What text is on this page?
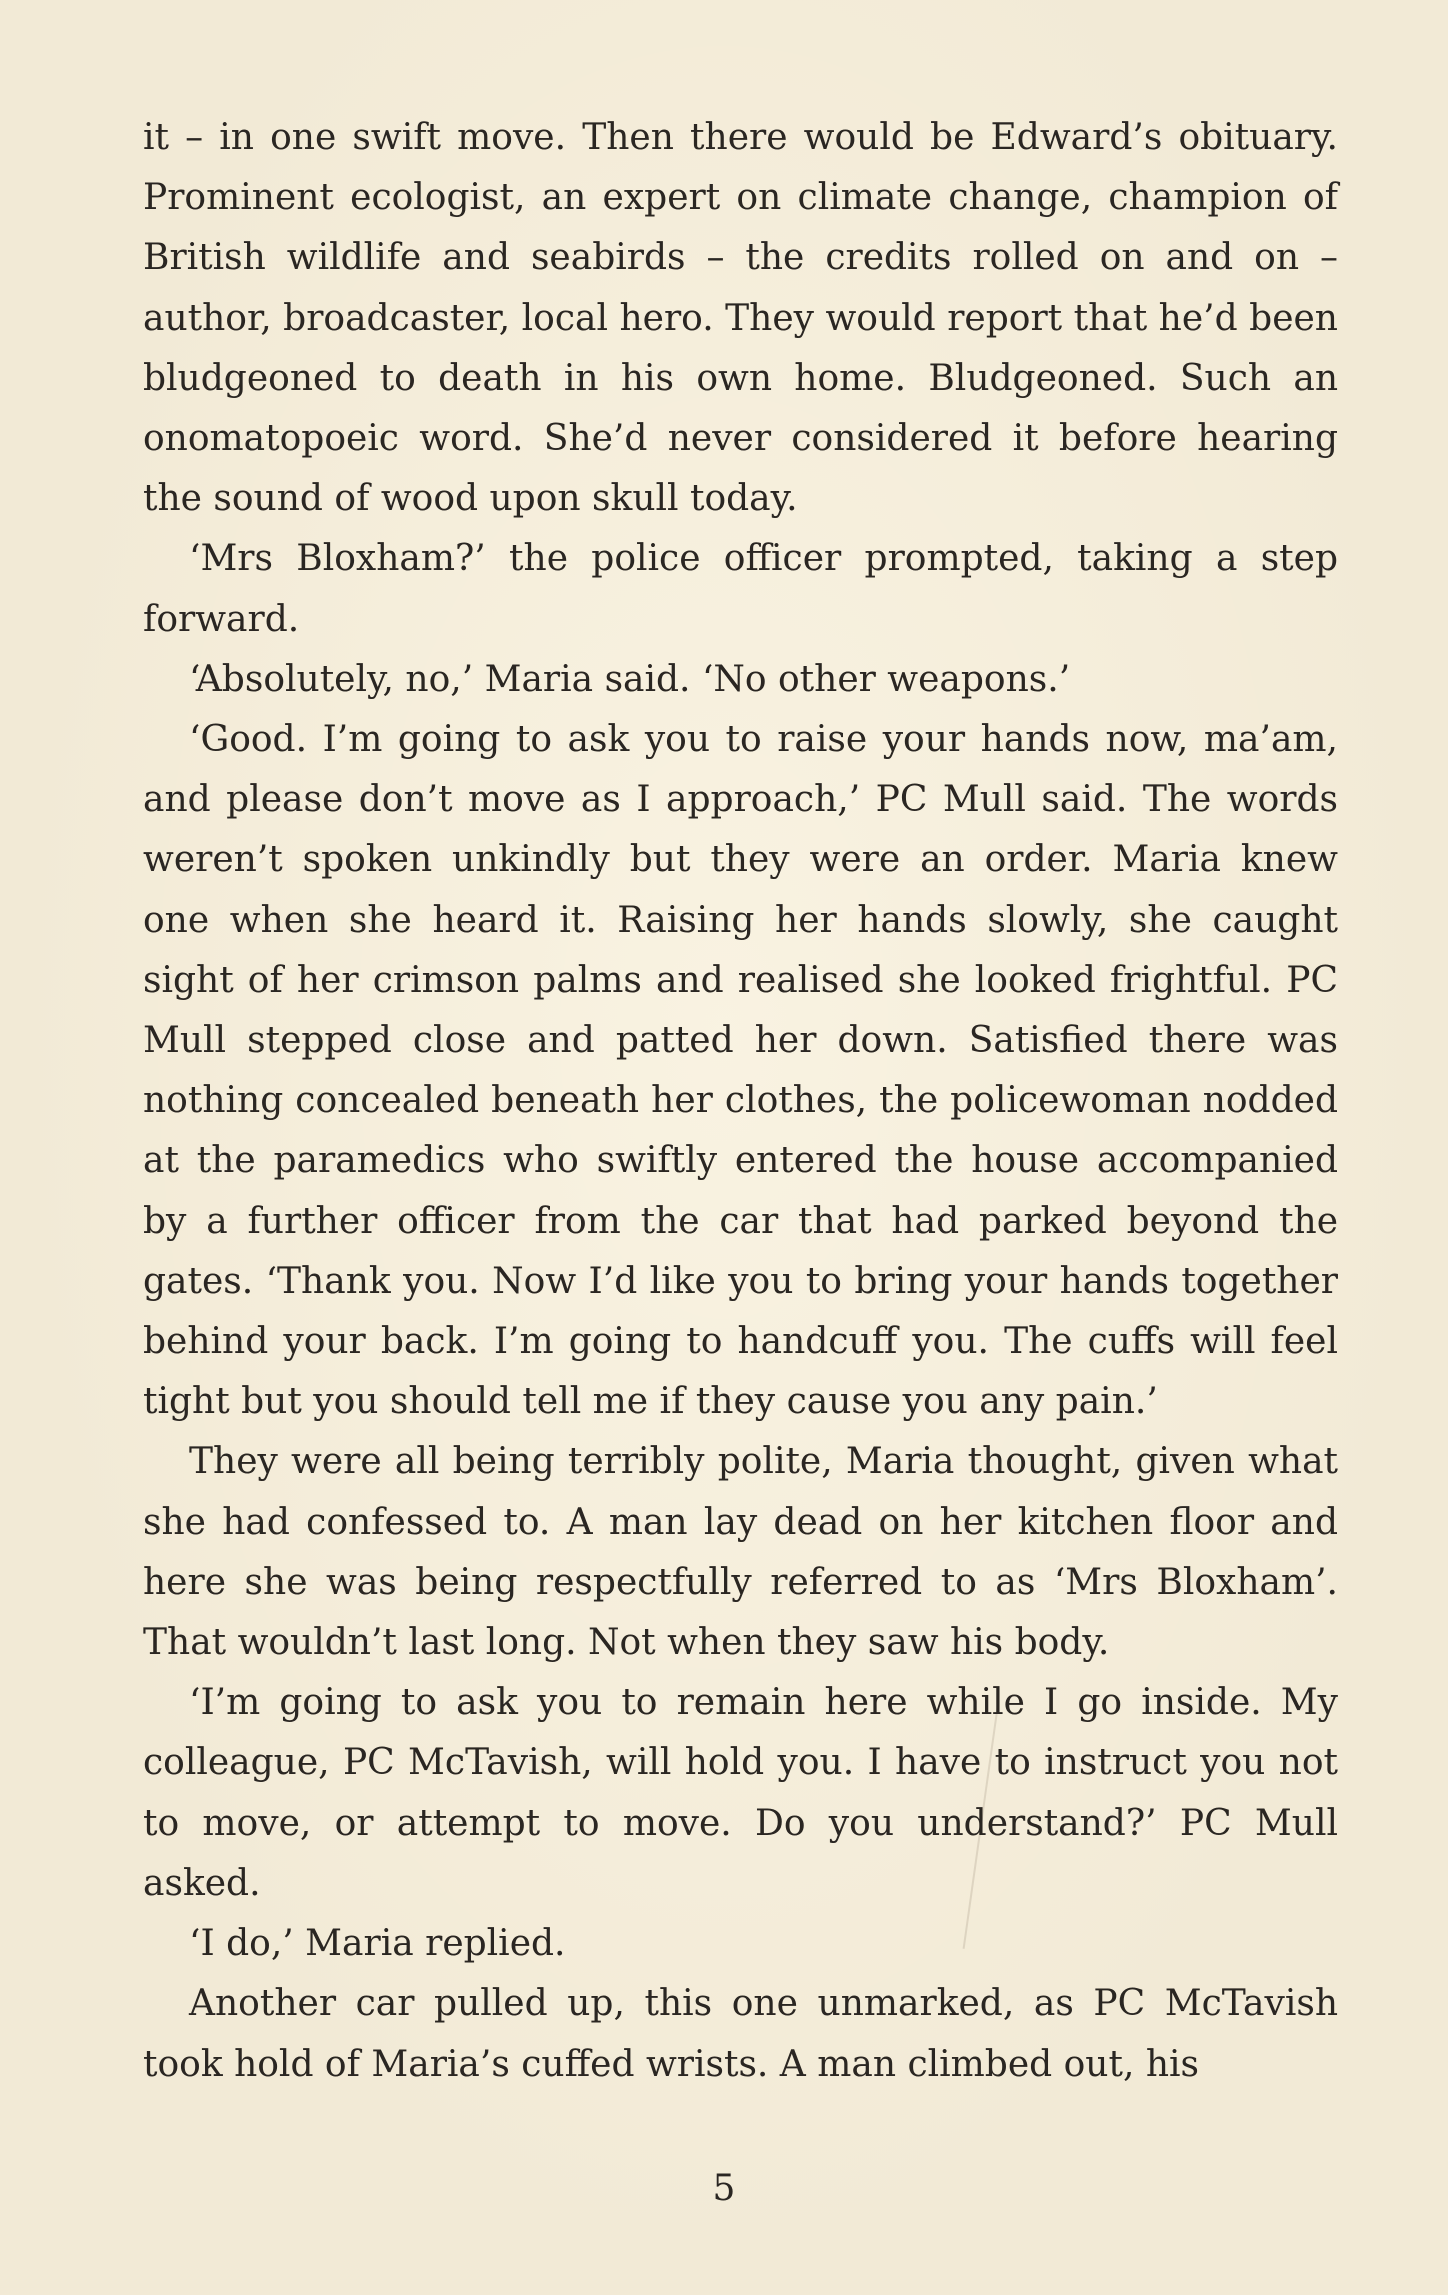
it – in one swift move. Then there would be Edward’s obituary. Prominent ecologist, an expert on climate change, champion of British wildlife and seabirds – the credits rolled on and on – author, broadcaster, local hero. They would report that he’d been bludgeoned to death in his own home. Bludgeoned. Such an onomatopoeic word. She’d never considered it before hearing the sound of wood upon skull today.

‘Mrs Bloxham?’ the police officer prompted, taking a step forward.

‘Absolutely, no,’ Maria said. ‘No other weapons.’

‘Good. I’m going to ask you to raise your hands now, ma’am, and please don’t move as I approach,’ PC Mull said. The words weren’t spoken unkindly but they were an order. Maria knew one when she heard it. Raising her hands slowly, she caught sight of her crimson palms and realised she looked frightful. PC Mull stepped close and patted her down. Satisfied there was nothing concealed beneath her clothes, the policewoman nodded at the paramedics who swiftly entered the house accompanied by a further officer from the car that had parked beyond the gates. ‘Thank you. Now I’d like you to bring your hands together behind your back. I’m going to handcuff you. The cuffs will feel tight but you should tell me if they cause you any pain.’

They were all being terribly polite, Maria thought, given what she had confessed to. A man lay dead on her kitchen floor and here she was being respectfully referred to as ‘Mrs Bloxham’. That wouldn’t last long. Not when they saw his body.

‘I’m going to ask you to remain here while I go inside. My colleague, PC McTavish, will hold you. I have to instruct you not to move, or attempt to move. Do you understand?’ PC Mull asked.

‘I do,’ Maria replied.

Another car pulled up, this one unmarked, as PC McTavish took hold of Maria’s cuffed wrists. A man climbed out, his

5
